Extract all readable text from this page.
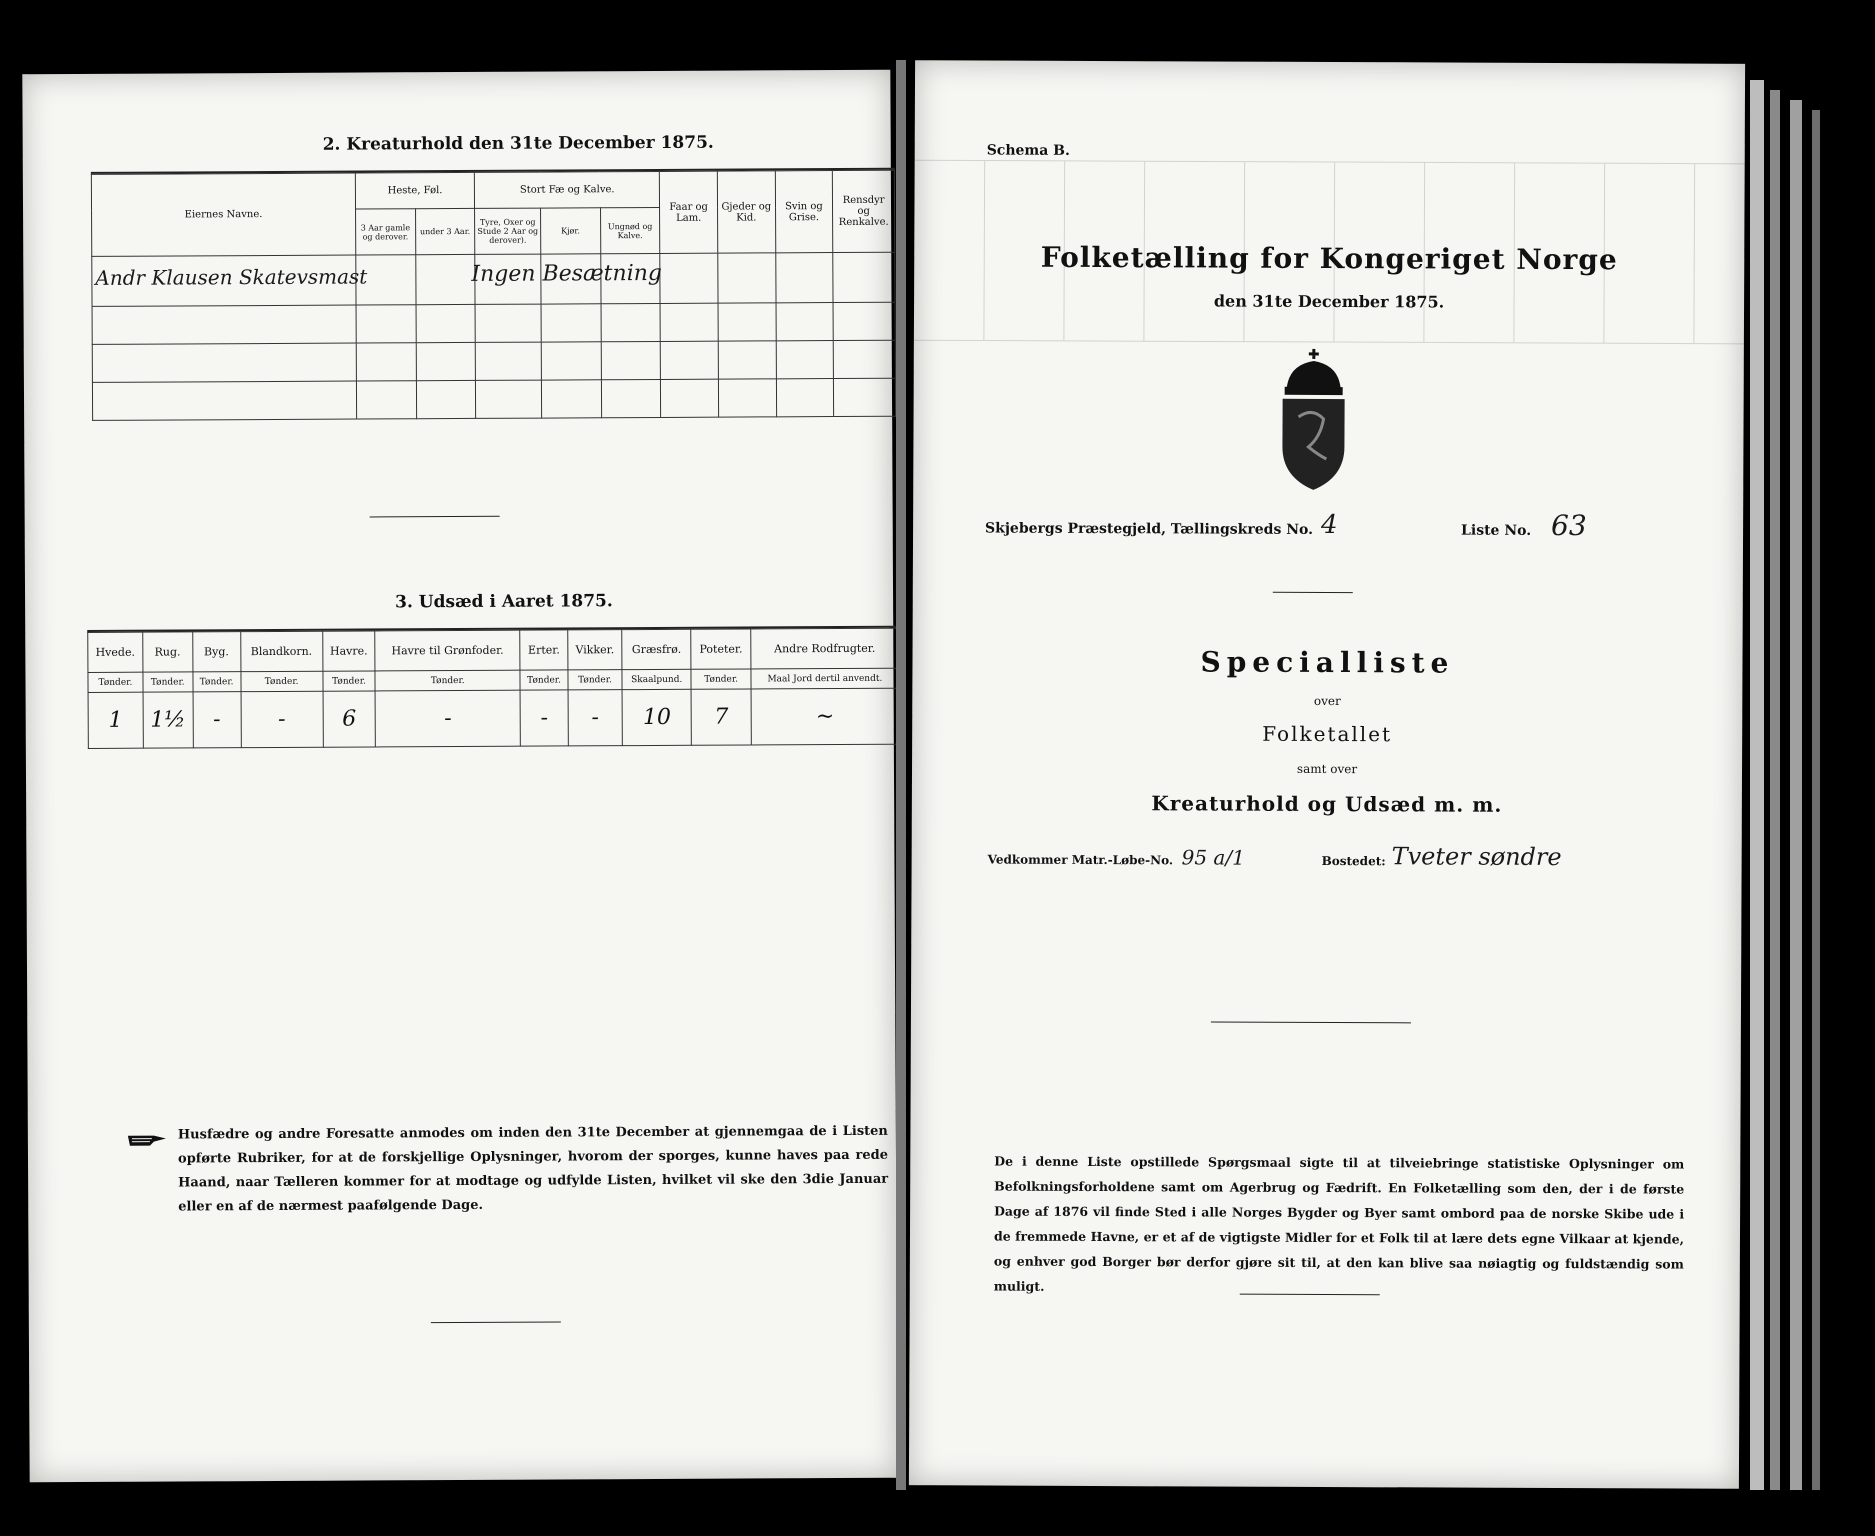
2. Kreaturhold den 31te December 1875.
Eiernes Navne.	Heste, Føl.		Stort Fæ og Kalve.			Faar og Lam.	Gjeder og Kid.	Svin og Grise.	Rensdyr og Renkalve.
	3 Aar gamle og derover.	under 3 Aar.	Tyre, Oxer og Stude 2 Aar og derover).	Kjør.	Ungnød og Kalve.				

Andr Klausen Skatevsmast	Ingen Besætning
3. Udsæd i Aaret 1875.
Hvede.	Rug.	Byg.	Blandkorn.	Havre.	Havre til Grønfoder.	Erter.	Vikker.	Græsfrø.	Poteter.	Andre Rodfrugter.
Tønder.	Tønder.	Tønder.	Tønder.	Tønder.	Tønder.	Tønder.	Tønder.	Skaalpund.	Tønder.	Maal Jord dertil anvendt.
1	1½	-	-	6	-	-	-	10	7	~
Husfædre og andre Foresatte anmodes om inden den 31te December at gjennemgaa de i Listen opførte Rubriker, for at de forskjellige Oplysninger, hvorom der sporges, kunne haves paa rede Haand, naar Tælleren kommer for at modtage og udfylde Listen, hvilket vil ske den 3die Januar eller en af de nærmest paafølgende Dage.
Schema B.
Folketælling for Kongeriget Norge
den 31te December 1875.
Skjebergs Præstegjeld, Tællingskreds No. 4	Liste No. 63
Specialliste
over
Folketallet
samt over
Kreaturhold og Udsæd m. m.
Vedkommer Matr.-Løbe-No. 95 a/1	Bostedet: Tveter søndre
De i denne Liste opstillede Spørgsmaal sigte til at tilveiebringe statistiske Oplysninger om Befolkningsforholdene samt om Agerbrug og Fædrift. En Folketælling som den, der i de første Dage af 1876 vil finde Sted i alle Norges Bygder og Byer samt ombord paa de norske Skibe ude i de fremmede Havne, er et af de vigtigste Midler for et Folk til at lære dets egne Vilkaar at kjende, og enhver god Borger bør derfor gjøre sit til, at den kan blive saa nøiagtig og fuldstændig som muligt.
